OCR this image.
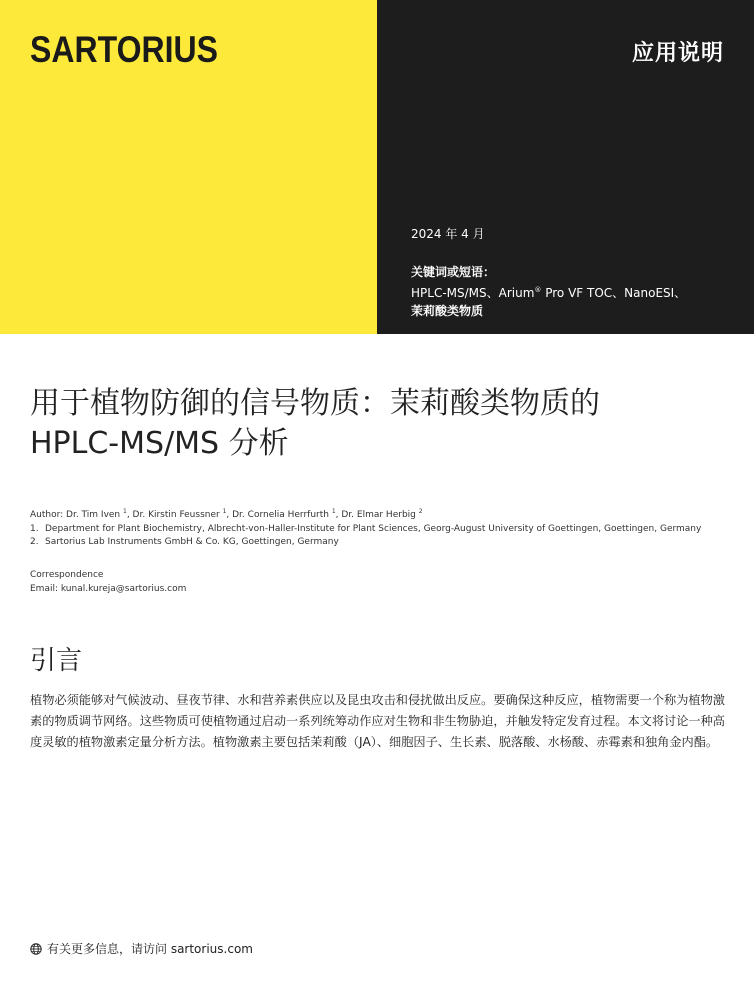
SARTORIUS	应用说明

2024 年 4 月

关键词或短语：
HPLC-MS/MS、Arium® Pro VF TOC、NanoESI、
茉莉酸类物质
用于植物防御的信号物质：茉莉酸类物质的
HPLC-MS/MS 分析
Author: Dr. Tim Iven $^1$, Dr. Kirstin Feussner $^1$, Dr. Cornelia Herrfurth $^1$, Dr. Elmar Herbig $^2$
1. Department for Plant Biochemistry, Albrecht-von-Haller-Institute for Plant Sciences, Georg-August University of Goettingen, Goettingen, Germany
2. Sartorius Lab Instruments GmbH & Co. KG, Goettingen, Germany
Correspondence
Email: kunal.kureja@sartorius.com
引言

植物必须能够对气候波动、昼夜节律、水和营养素供应以及昆虫攻击和侵扰做出反应。要确保这种反应，植物需要一个称为植物激素的物质调节网络。这些物质可使植物通过启动一系列统筹动作应对生物和非生物胁迫，并触发特定发育过程。本文将讨论一种高度灵敏的植物激素定量分析方法。植物激素主要包括茉莉酸（JA）、细胞因子、生长素、脱落酸、水杨酸、赤霉素和独角金内酯。

有关更多信息，请访问 sartorius.com
